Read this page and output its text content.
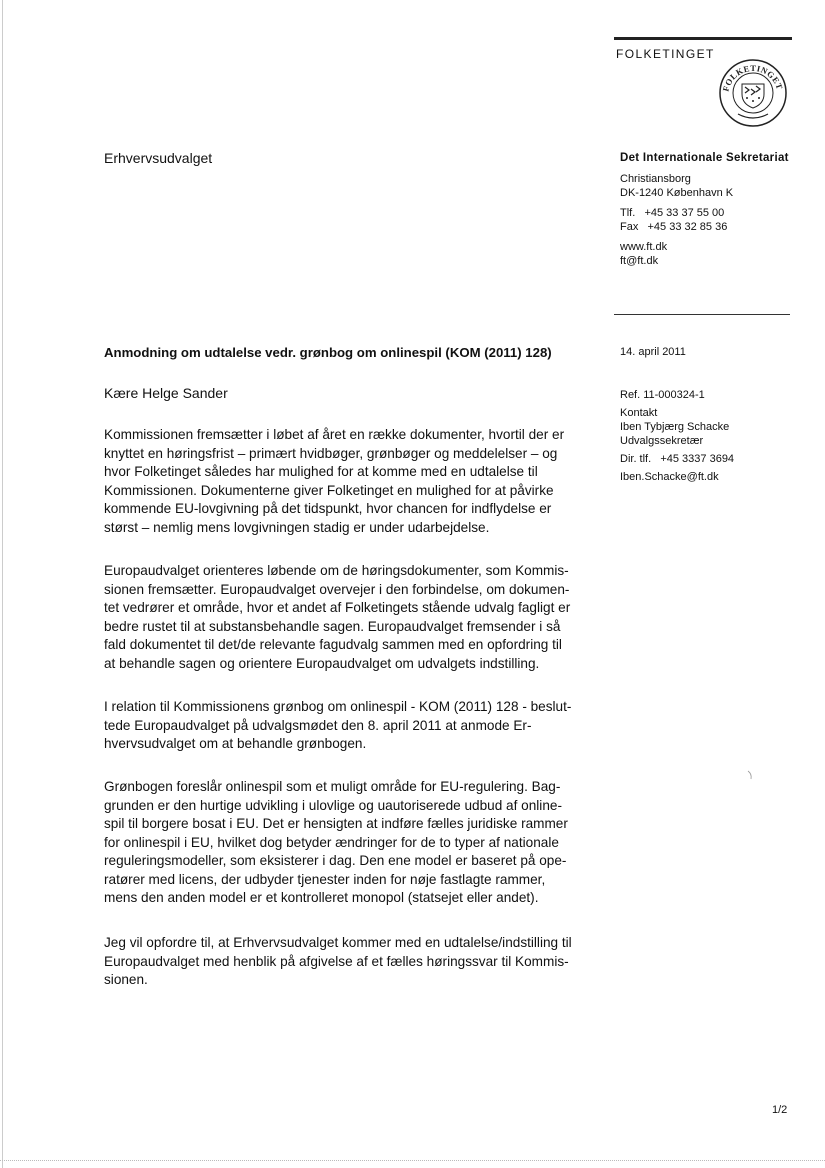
FOLKETINGET
FOLKETINGET
Erhvervsudvalget	Det Internationale Sekretariat
Christiansborg
DK-1240 København K
Tlf.   +45 33 37 55 00
Fax   +45 33 32 85 36
www.ft.dk
ft@ft.dk
14. april 2011
Ref. 11-000324-1
Kontakt
Iben Tybjærg Schacke
Udvalgssekretær
Dir. tlf.   +45 3337 3694
Iben.Schacke@ft.dk
Anmodning om udtalelse vedr. grønbog om onlinespil (KOM (2011) 128)
Kære Helge Sander
Kommissionen fremsætter i løbet af året en række dokumenter, hvortil der er
knyttet en høringsfrist – primært hvidbøger, grønbøger og meddelelser – og
hvor Folketinget således har mulighed for at komme med en udtalelse til
Kommissionen. Dokumenterne giver Folketinget en mulighed for at påvirke
kommende EU-lovgivning på det tidspunkt, hvor chancen for indflydelse er
størst – nemlig mens lovgivningen stadig er under udarbejdelse.
Europaudvalget orienteres løbende om de høringsdokumenter, som Kommis-
sionen fremsætter. Europaudvalget overvejer i den forbindelse, om dokumen-
tet vedrører et område, hvor et andet af Folketingets stående udvalg fagligt er
bedre rustet til at substansbehandle sagen. Europaudvalget fremsender i så
fald dokumentet til det/de relevante fagudvalg sammen med en opfordring til
at behandle sagen og orientere Europaudvalget om udvalgets indstilling.
I relation til Kommissionens grønbog om onlinespil - KOM (2011) 128 - beslut-
tede Europaudvalget på udvalgsmødet den 8. april 2011 at anmode Er-
hvervsudvalget om at behandle grønbogen.
Grønbogen foreslår onlinespil som et muligt område for EU-regulering. Bag-
grunden er den hurtige udvikling i ulovlige og uautoriserede udbud af online-
spil til borgere bosat i EU. Det er hensigten at indføre fælles juridiske rammer
for onlinespil i EU, hvilket dog betyder ændringer for de to typer af nationale
reguleringsmodeller, som eksisterer i dag. Den ene model er baseret på ope-
ratører med licens, der udbyder tjenester inden for nøje fastlagte rammer,
mens den anden model er et kontrolleret monopol (statsejet eller andet).
Jeg vil opfordre til, at Erhvervsudvalget kommer med en udtalelse/indstilling til
Europaudvalget med henblik på afgivelse af et fælles høringssvar til Kommis-
sionen.
1/2
